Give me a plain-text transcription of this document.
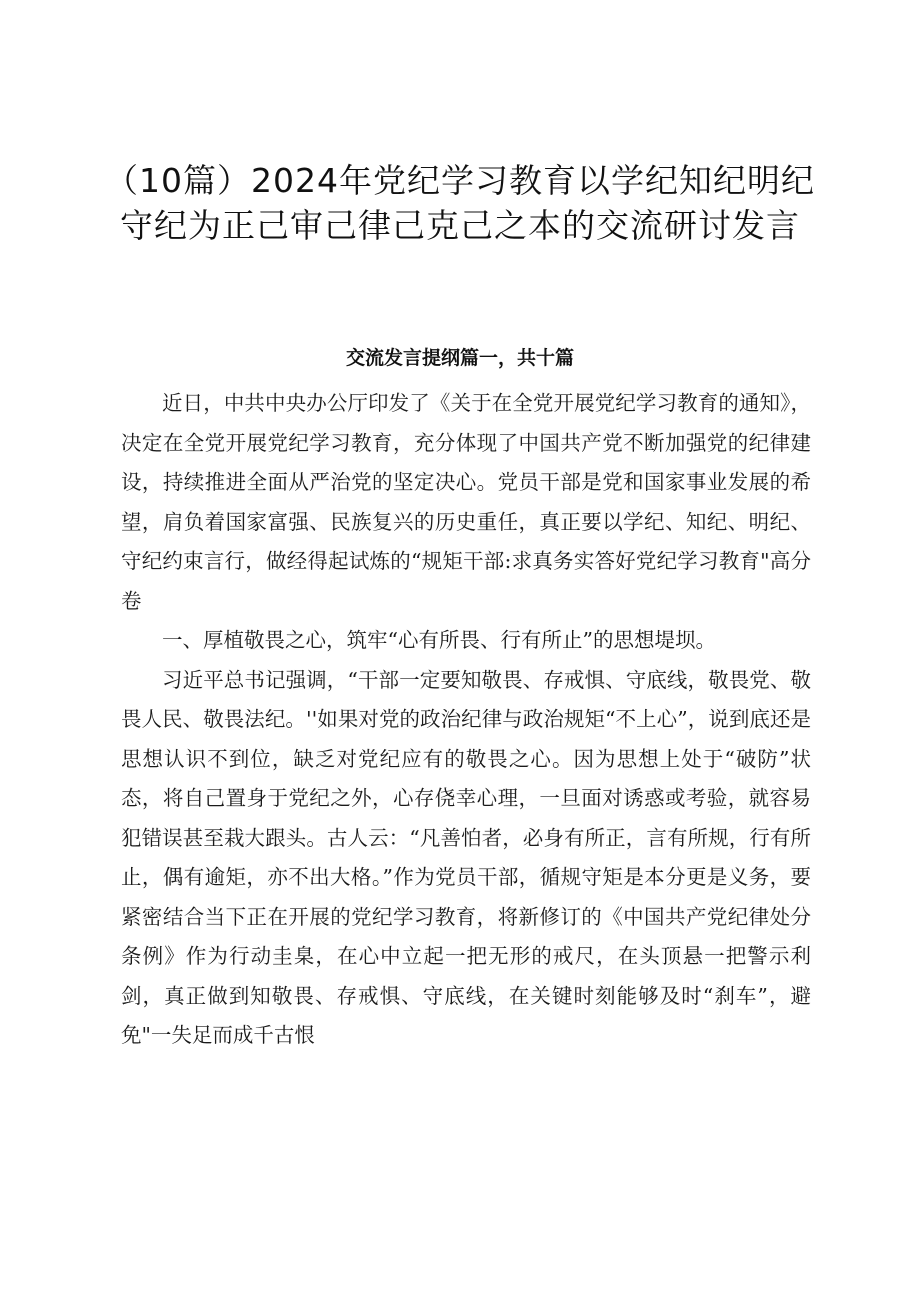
（10篇）2024年党纪学习教育以学纪知纪明纪守纪为正己审己律己克己之本的交流研讨发言
交流发言提纲篇一，共十篇

近日，中共中央办公厅印发了《关于在全党开展党纪学习教育的通知》，决定在全党开展党纪学习教育，充分体现了中国共产党不断加强党的纪律建设，持续推进全面从严治党的坚定决心。党员干部是党和国家事业发展的希望，肩负着国家富强、民族复兴的历史重任，真正要以学纪、知纪、明纪、守纪约束言行，做经得起试炼的“规矩干部:求真务实答好党纪学习教育"高分卷

一、厚植敬畏之心，筑牢“心有所畏、行有所止”的思想堤坝。

习近平总书记强调，“干部一定要知敬畏、存戒惧、守底线，敬畏党、敬畏人民、敬畏法纪。''如果对党的政治纪律与政治规矩“不上心”，说到底还是思想认识不到位，缺乏对党纪应有的敬畏之心。因为思想上处于“破防”状态，将自己置身于党纪之外，心存侥幸心理，一旦面对诱惑或考验，就容易犯错误甚至栽大跟头。古人云：“凡善怕者，必身有所正，言有所规，行有所止，偶有逾矩，亦不出大格。”作为党员干部，循规守矩是本分更是义务，要紧密结合当下正在开展的党纪学习教育，将新修订的《中国共产党纪律处分条例》作为行动圭臬，在心中立起一把无形的戒尺，在头顶悬一把警示利剑，真正做到知敬畏、存戒惧、守底线，在关键时刻能够及时“刹车”，避免"一失足而成千古恨
